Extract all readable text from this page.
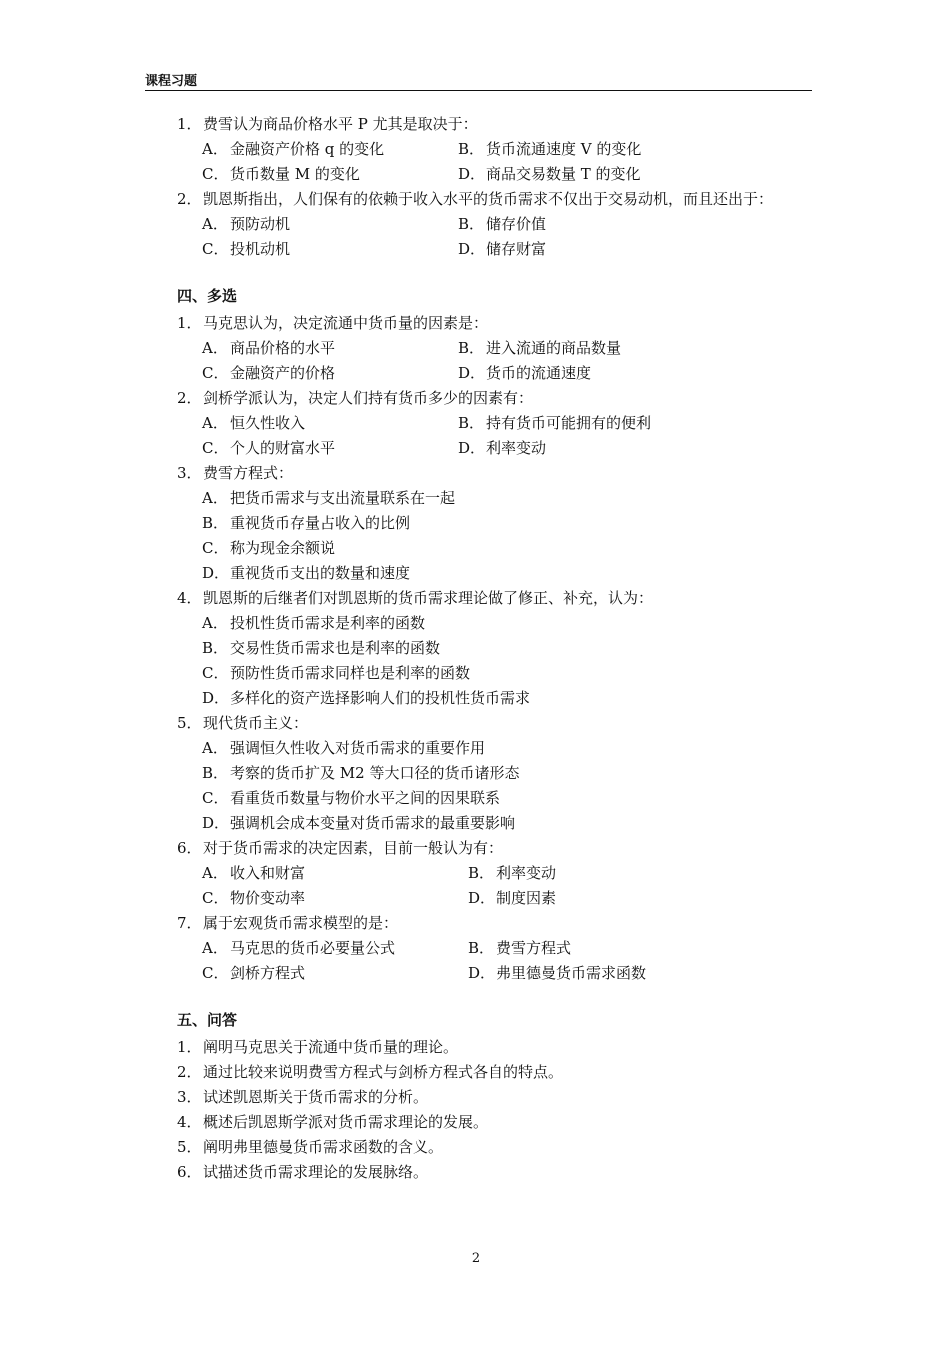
课程习题
1．费雪认为商品价格水平 P 尤其是取决于：
A． 金融资产价格 q 的变化	B． 货币流通速度 V 的变化
C． 货币数量 M 的变化	D．商品交易数量 T 的变化
2．凯恩斯指出，人们保有的依赖于收入水平的货币需求不仅出于交易动机，而且还出于：
A． 预防动机	B． 储存价值
C． 投机动机	D．储存财富
四、多选
1．马克思认为，决定流通中货币量的因素是：
A． 商品价格的水平	B． 进入流通的商品数量
C． 金融资产的价格	D．货币的流通速度
2．剑桥学派认为，决定人们持有货币多少的因素有：
A． 恒久性收入	B． 持有货币可能拥有的便利
C． 个人的财富水平	D．利率变动
3．费雪方程式：
A． 把货币需求与支出流量联系在一起
B． 重视货币存量占收入的比例
C． 称为现金余额说
D．重视货币支出的数量和速度
4．凯恩斯的后继者们对凯恩斯的货币需求理论做了修正、补充，认为：
A． 投机性货币需求是利率的函数
B． 交易性货币需求也是利率的函数
C． 预防性货币需求同样也是利率的函数
D．多样化的资产选择影响人们的投机性货币需求
5．现代货币主义：
A． 强调恒久性收入对货币需求的重要作用
B． 考察的货币扩及 M2 等大口径的货币诸形态
C． 看重货币数量与物价水平之间的因果联系
D．强调机会成本变量对货币需求的最重要影响
6．对于货币需求的决定因素，目前一般认为有：
A． 收入和财富	B． 利率变动
C． 物价变动率	D．制度因素
7．属于宏观货币需求模型的是：
A． 马克思的货币必要量公式	B． 费雪方程式
C． 剑桥方程式	D．弗里德曼货币需求函数
五、问答
1．阐明马克思关于流通中货币量的理论。
2．通过比较来说明费雪方程式与剑桥方程式各自的特点。
3．试述凯恩斯关于货币需求的分析。
4．概述后凯恩斯学派对货币需求理论的发展。
5．阐明弗里德曼货币需求函数的含义。
6．试描述货币需求理论的发展脉络。
2
